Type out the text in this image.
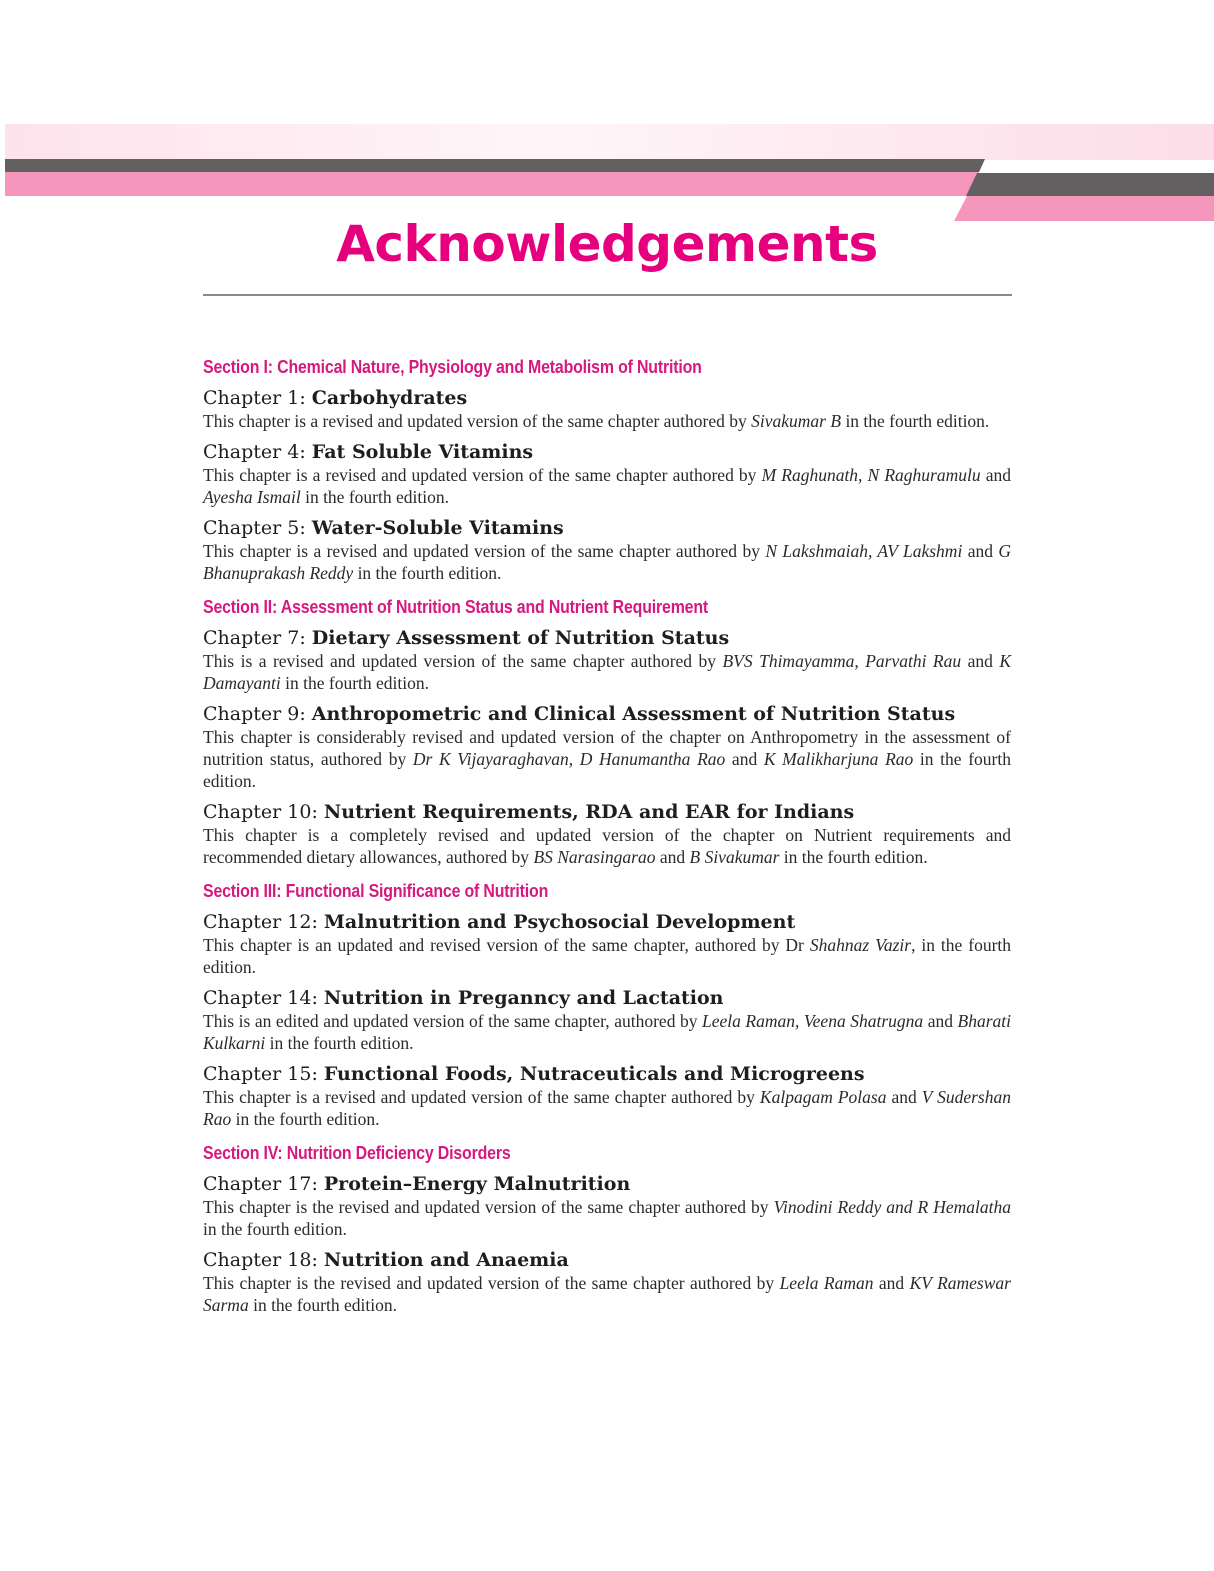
Acknowledgements
Section I: Chemical Nature, Physiology and Metabolism of Nutrition
Chapter 1: Carbohydrates
This chapter is a revised and updated version of the same chapter authored by Sivakumar B in the fourth edition.
Chapter 4: Fat Soluble Vitamins
This chapter is a revised and updated version of the same chapter authored by M Raghunath, N Raghuramulu and Ayesha Ismail in the fourth edition.
Chapter 5: Water-Soluble Vitamins
This chapter is a revised and updated version of the same chapter authored by N Lakshmaiah, AV Lakshmi and G Bhanuprakash Reddy in the fourth edition.
Section II: Assessment of Nutrition Status and Nutrient Requirement
Chapter 7: Dietary Assessment of Nutrition Status
This is a revised and updated version of the same chapter authored by BVS Thimayamma, Parvathi Rau and K Damayanti in the fourth edition.
Chapter 9: Anthropometric and Clinical Assessment of Nutrition Status
This chapter is considerably revised and updated version of the chapter on Anthropometry in the assessment of nutrition status, authored by Dr K Vijayaraghavan, D Hanumantha Rao and K Malikharjuna Rao in the fourth edition.
Chapter 10: Nutrient Requirements, RDA and EAR for Indians
This chapter is a completely revised and updated version of the chapter on Nutrient requirements and recommended dietary allowances, authored by BS Narasingarao and B Sivakumar in the fourth edition.
Section III: Functional Significance of Nutrition
Chapter 12: Malnutrition and Psychosocial Development
This chapter is an updated and revised version of the same chapter, authored by Dr Shahnaz Vazir, in the fourth edition.
Chapter 14: Nutrition in Preganncy and Lactation
This is an edited and updated version of the same chapter, authored by Leela Raman, Veena Shatrugna and Bharati Kulkarni in the fourth edition.
Chapter 15: Functional Foods, Nutraceuticals and Microgreens
This chapter is a revised and updated version of the same chapter authored by Kalpagam Polasa and V Sudershan Rao in the fourth edition.
Section IV: Nutrition Deficiency Disorders
Chapter 17: Protein–Energy Malnutrition
This chapter is the revised and updated version of the same chapter authored by Vinodini Reddy and R Hemalatha in the fourth edition.
Chapter 18: Nutrition and Anaemia
This chapter is the revised and updated version of the same chapter authored by Leela Raman and KV Rameswar Sarma in the fourth edition.
